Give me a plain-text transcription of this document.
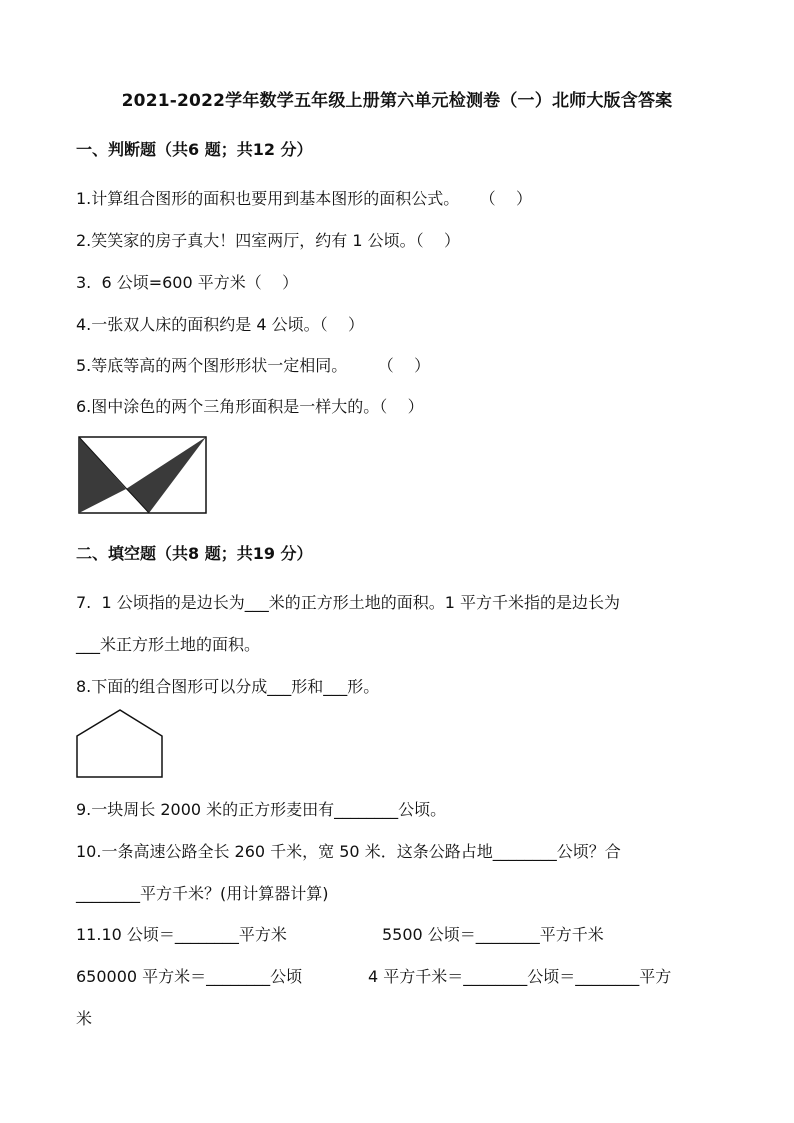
2021-2022学年数学五年级上册第六单元检测卷（一）北师大版含答案
一、判断题（共6 题；共12 分）
1.计算组合图形的面积也要用到基本图形的面积公式。    （    ）
2.笑笑家的房子真大！四室两厅，约有 1 公顷。（    ）
3.  6 公顷=600 平方米（    ）
4.一张双人床的面积约是 4 公顷。（    ）
5.等底等高的两个图形形状一定相同。      （    ）
6.图中涂色的两个三角形面积是一样大的。（    ）
二、填空题（共8 题；共19 分）
7.  1 公顷指的是边长为___米的正方形土地的面积。1 平方千米指的是边长为
___米正方形土地的面积。
8.下面的组合图形可以分成___形和___形。
9.一块周长 2000 米的正方形麦田有________公顷。
10.一条高速公路全长 260 千米，宽 50 米．这条公路占地________公顷？合
________平方千米？(用计算器计算)
11.10 公顷＝________平方米	5500 公顷＝________平方千米
650000 平方米＝________公顷	4 平方千米＝________公顷＝________平方
米
